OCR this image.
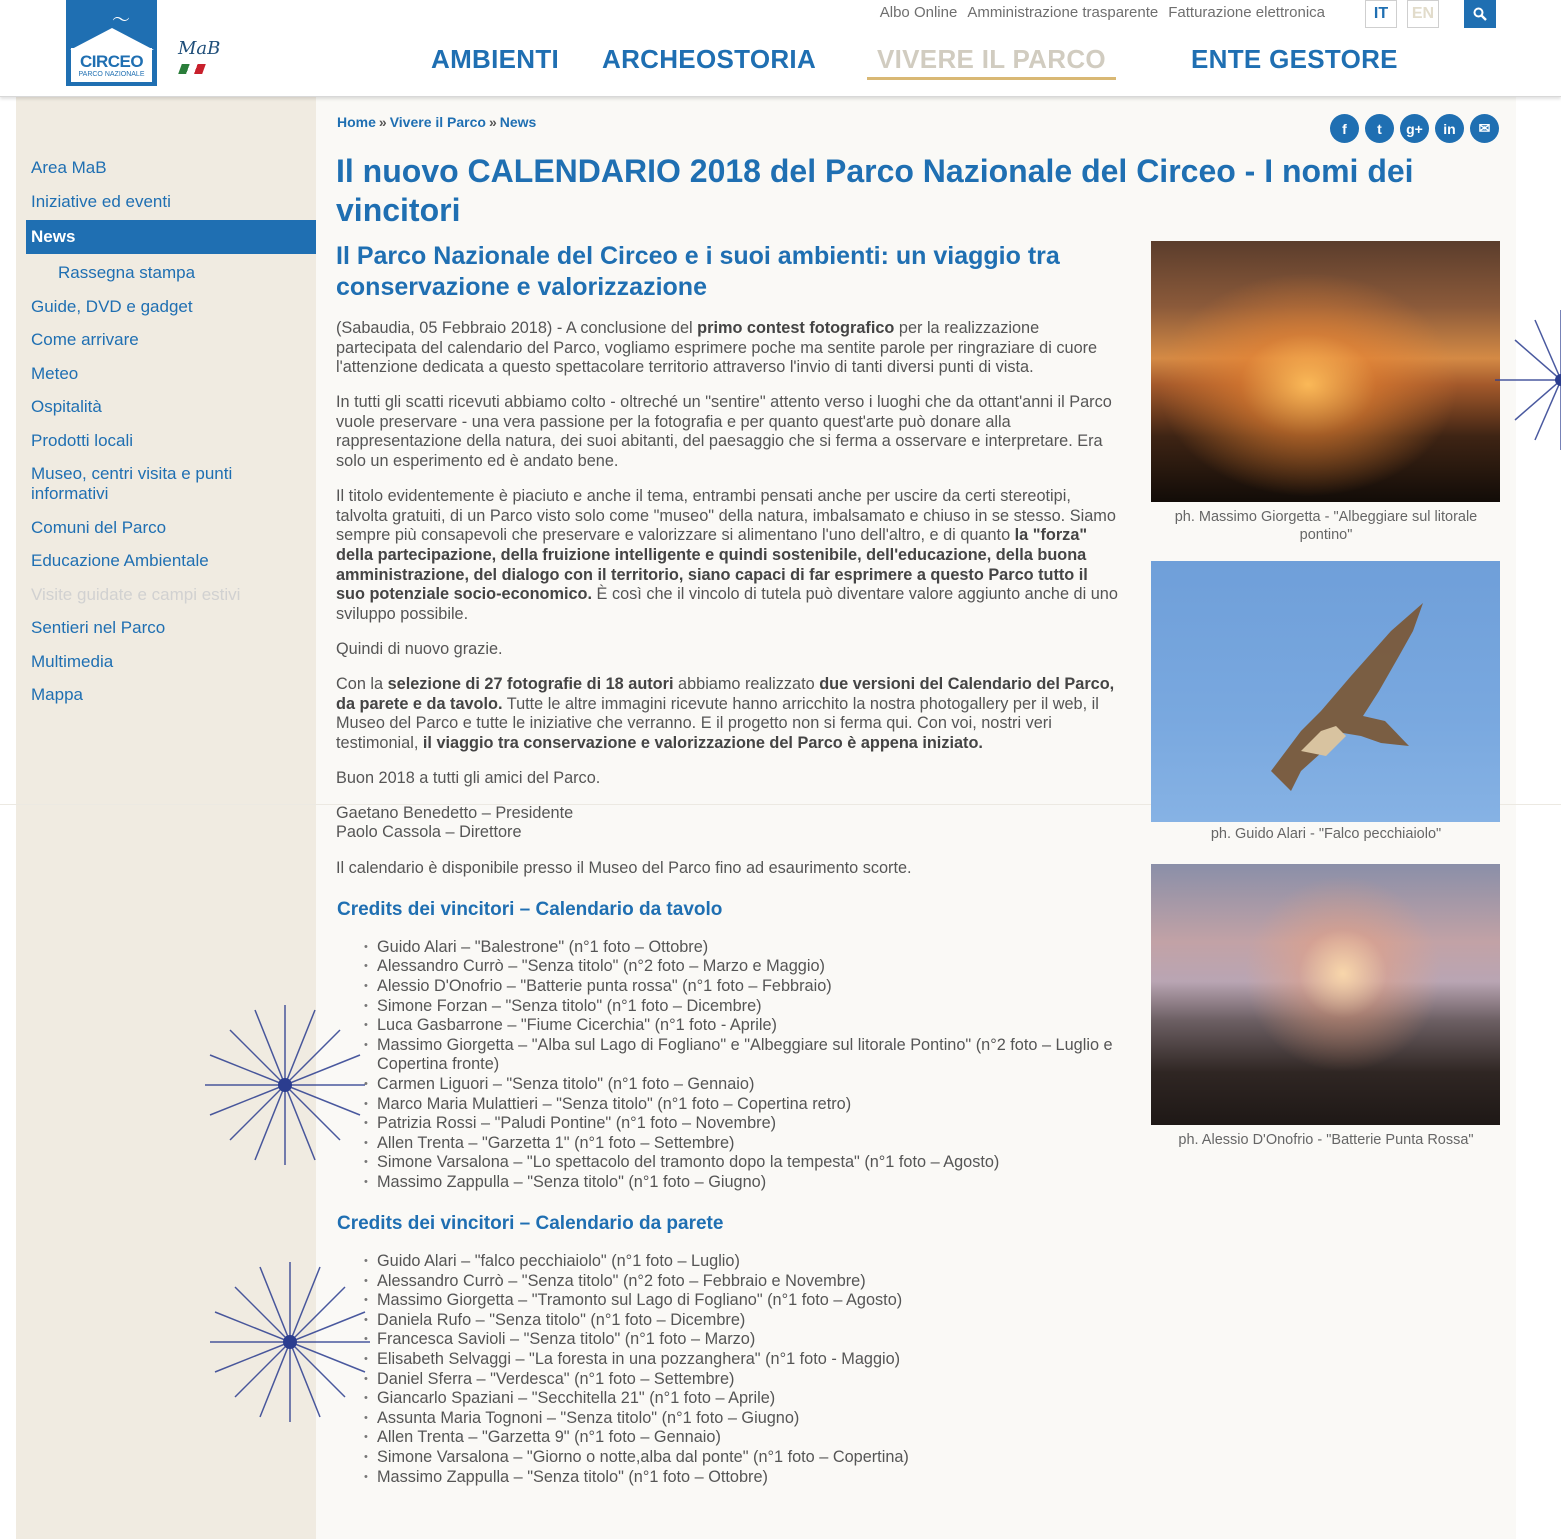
〜
CIRCEO
PARCO NAZIONALE
MaB
Albo Online Amministrazione trasparente Fatturazione elettronica	IT	EN
AMBIENTI ARCHEOSTORIA	VIVERE IL PARCO	ENTE GESTORE
Area MaB
Iniziative ed eventi
News
Rassegna stampa
Guide, DVD e gadget
Come arrivare
Meteo
Ospitalità
Prodotti locali
Museo, centri visita e punti informativi
Comuni del Parco
Educazione Ambientale
Visite guidate e campi estivi
Sentieri nel Parco
Multimedia
Mappa
Home » Vivere il Parco » News	f	t	g+	in	✉
Il nuovo CALENDARIO 2018 del Parco Nazionale del Circeo - I nomi dei vincitori
Il Parco Nazionale del Circeo e i suoi ambienti: un viaggio tra conservazione e valorizzazione

(Sabaudia, 05 Febbraio 2018) - A conclusione del primo contest fotografico per la realizzazione partecipata del calendario del Parco, vogliamo esprimere poche ma sentite parole per ringraziare di cuore l'attenzione dedicata a questo spettacolare territorio attraverso l'invio di tanti diversi punti di vista.

In tutti gli scatti ricevuti abbiamo colto - oltreché un "sentire" attento verso i luoghi che da ottant'anni il Parco vuole preservare - una vera passione per la fotografia e per quanto quest'arte può donare alla rappresentazione della natura, dei suoi abitanti, del paesaggio che si ferma a osservare e interpretare. Era solo un esperimento ed è andato bene.

Il titolo evidentemente è piaciuto e anche il tema, entrambi pensati anche per uscire da certi stereotipi, talvolta gratuiti, di un Parco visto solo come "museo" della natura, imbalsamato e chiuso in se stesso. Siamo sempre più consapevoli che preservare e valorizzare si alimentano l'uno dell'altro, e di quanto la "forza" della partecipazione, della fruizione intelligente e quindi sostenibile, dell'educazione, della buona amministrazione, del dialogo con il territorio, siano capaci di far esprimere a questo Parco tutto il suo potenziale socio-economico. È così che il vincolo di tutela può diventare valore aggiunto anche di uno sviluppo possibile.

Quindi di nuovo grazie.

Con la selezione di 27 fotografie di 18 autori abbiamo realizzato due versioni del Calendario del Parco, da parete e da tavolo. Tutte le altre immagini ricevute hanno arricchito la nostra photogallery per il web, il Museo del Parco e tutte le iniziative che verranno. E il progetto non si ferma qui. Con voi, nostri veri testimonial, il viaggio tra conservazione e valorizzazione del Parco è appena iniziato.

Buon 2018 a tutti gli amici del Parco.

Gaetano Benedetto – Presidente
Paolo Cassola – Direttore

Il calendario è disponibile presso il Museo del Parco fino ad esaurimento scorte.

Credits dei vincitori – Calendario da tavolo
• Guido Alari – "Balestrone" (n°1 foto – Ottobre)
• Alessandro Currò – "Senza titolo" (n°2 foto – Marzo e Maggio)
• Alessio D'Onofrio – "Batterie punta rossa" (n°1 foto – Febbraio)
• Simone Forzan – "Senza titolo" (n°1 foto – Dicembre)
• Luca Gasbarrone – "Fiume Cicerchia" (n°1 foto - Aprile)
• Massimo Giorgetta – "Alba sul Lago di Fogliano" e "Albeggiare sul litorale Pontino" (n°2 foto – Luglio e Copertina fronte)
• Carmen Liguori – "Senza titolo" (n°1 foto – Gennaio)
• Marco Maria Mulattieri – "Senza titolo" (n°1 foto – Copertina retro)
• Patrizia Rossi – "Paludi Pontine" (n°1 foto – Novembre)
• Allen Trenta – "Garzetta 1" (n°1 foto – Settembre)
• Simone Varsalona – "Lo spettacolo del tramonto dopo la tempesta" (n°1 foto – Agosto)
• Massimo Zappulla – "Senza titolo" (n°1 foto – Giugno)
Credits dei vincitori – Calendario da parete
• Guido Alari – "falco pecchiaiolo" (n°1 foto – Luglio)
• Alessandro Currò – "Senza titolo" (n°2 foto – Febbraio e Novembre)
• Massimo Giorgetta – "Tramonto sul Lago di Fogliano" (n°1 foto – Agosto)
• Daniela Rufo – "Senza titolo" (n°1 foto – Dicembre)
• Francesca Savioli – "Senza titolo" (n°1 foto – Marzo)
• Elisabeth Selvaggi – "La foresta in una pozzanghera" (n°1 foto - Maggio)
• Daniel Sferra – "Verdesca" (n°1 foto – Settembre)
• Giancarlo Spaziani – "Secchitella 21" (n°1 foto – Aprile)
• Assunta Maria Tognoni – "Senza titolo" (n°1 foto – Giugno)
• Allen Trenta – "Garzetta 9" (n°1 foto – Gennaio)
• Simone Varsalona – "Giorno o notte,alba dal ponte" (n°1 foto – Copertina)
• Massimo Zappulla – "Senza titolo" (n°1 foto – Ottobre)
ph. Massimo Giorgetta - "Albeggiare sul litorale pontino"
ph. Guido Alari - "Falco pecchiaiolo"
ph. Alessio D'Onofrio - "Batterie Punta Rossa"
